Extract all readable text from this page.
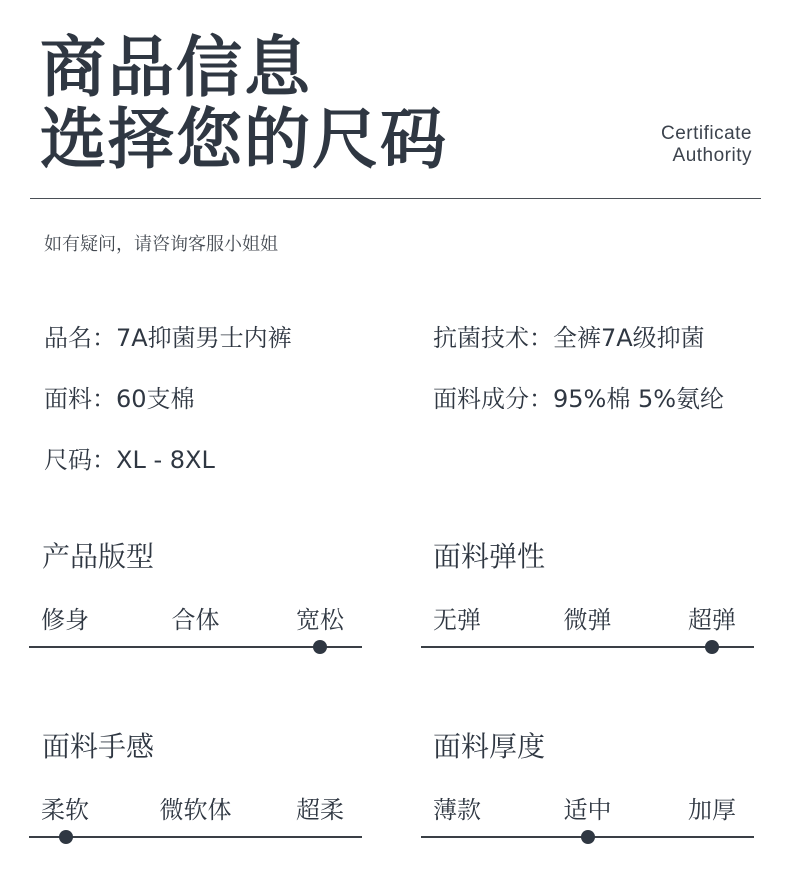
商品信息
选择您的尺码	Certificate
Authority
如有疑问，请咨询客服小姐姐
品名：7A抑菌男士内裤	抗菌技术：全裤7A级抑菌
面料：60支棉	面料成分：95%棉 5%氨纶
尺码：XL - 8XL
产品版型
修身	合体	宽松
面料弹性
无弹	微弹	超弹
面料手感
柔软	微软体	超柔
面料厚度
薄款	适中	加厚
